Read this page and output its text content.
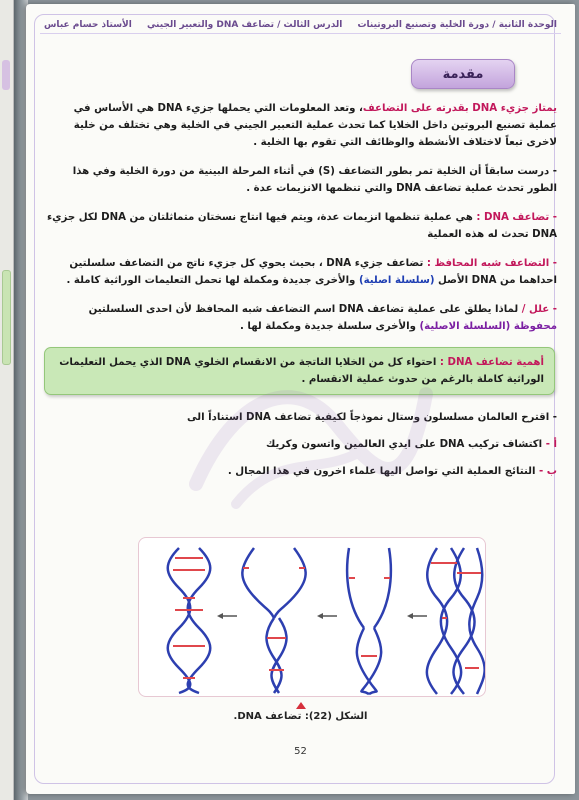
الوحدة الثانية / دورة الخلية وتصنيع البروتينات
الدرس الثالث / تضاعف DNA والتعبير الجيني
الأستاذ حسام عباس
مقدمة

يمتاز جزيء DNA بقدرته على التضاعف، وتعد المعلومات التي يحملها جزيء DNA هي الأساس في عملية تصنيع البروتين داخل الخلايا كما تحدث عملية التعبير الجيني في الخلية وهي تختلف من خلية لاخرى تبعاً لاختلاف الأنشطة والوظائف التي تقوم بها الخلية .

- درست سابقاً أن الخلية تمر بطور التضاعف (S) في أثناء المرحلة البينية من دورة الخلية وفي هذا الطور تحدث عملية تضاعف DNA والتي تنظمها الانزيمات عدة .

- تضاعف DNA : هي عملية تنظمها انزيمات عدة، ويتم فيها انتاج نسختان متماثلتان من DNA لكل جزيء DNA تحدث له هذه العملية

- التضاعف شبه المحافظ : تضاعف جزيء DNA ، بحيث يحوي كل جزيء ناتج من التضاعف سلسلتين احداهما من DNA الأصل (سلسلة اصلية) والأخرى جديدة ومكملة لها تحمل التعليمات الوراثية كاملة .

- علل / لماذا يطلق على عملية تضاعف DNA اسم التضاعف شبه المحافظ لأن احدى السلسلتين محفوظة (السلسلة الاصلية) والأخرى سلسلة جديدة ومكملة لها .

أهمية تضاعف DNA : احتواء كل من الخلايا الناتجة من الانقسام الخلوي DNA الذي يحمل التعليمات الوراثية كاملة بالرغم من حدوث عملية الانقسام .

- اقترح العالمان مسلسلون وستال نموذجاً لكيفية تضاعف DNA استناداً الى

أ - اكتشاف تركيب DNA على ايدي العالمين واتسون وكريك

ب - النتائج العملية التي تواصل اليها علماء اخرون في هذا المجال .

الشكل (22): تضاعف DNA.
52
